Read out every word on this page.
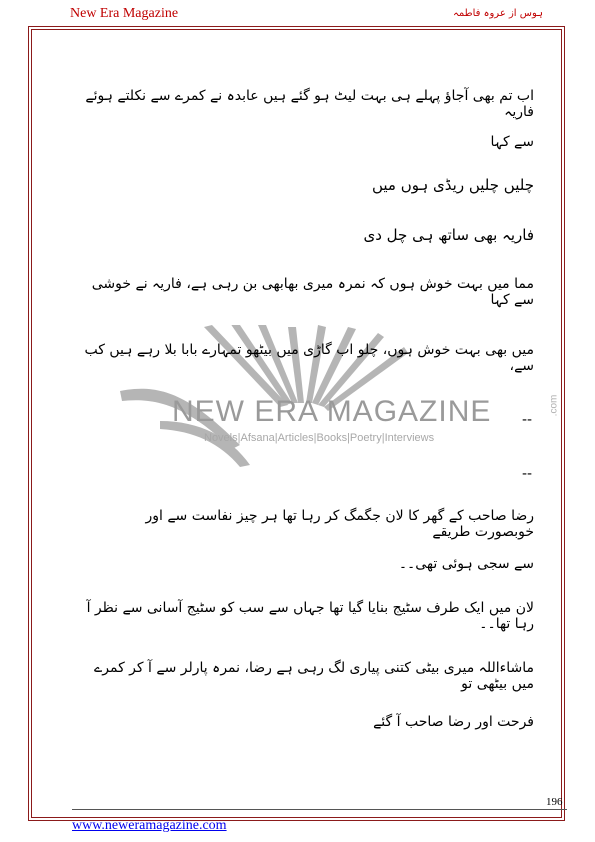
New Era Magazine	ہوس از عروہ فاطمہ
NEW ERA MAGAZINE
Novels|Afsana|Articles|Books|Poetry|Interviews
.com

اب تم بھی آجاؤ پہلے ہی بہت لیٹ ہو گئے ہیں عابدہ نے کمرے سے نکلتے ہوئے فاریہ

سے کہا

چلیں چلیں ریڈی ہوں میں

فاریہ بھی ساتھ ہی چل دی

مما میں بہت خوش ہوں کہ نمرہ میری بھابھی بن رہی ہے، فاریہ نے خوشی سے کہا

میں بھی بہت خوش ہوں، چلو اب گاڑی میں بیٹھو تمہارے بابا بلا رہے ہیں کب سے،

--

--

رضا صاحب کے گھر کا لان جگمگ کر رہا تھا ہر چیز نفاست سے اور خوبصورت طریقے

سے سجی ہوئی تھی۔۔

لان میں ایک طرف سٹیج بنایا گیا تھا جہاں سے سب کو سٹیج آسانی سے نظر آ رہا تھا۔۔

ماشاءاللہ میری بیٹی کتنی پیاری لگ رہی ہے رضا، نمرہ پارلر سے آ کر کمرے میں بیٹھی تو

فرحت اور رضا صاحب آ گئے

196
www.neweramagazine.com
